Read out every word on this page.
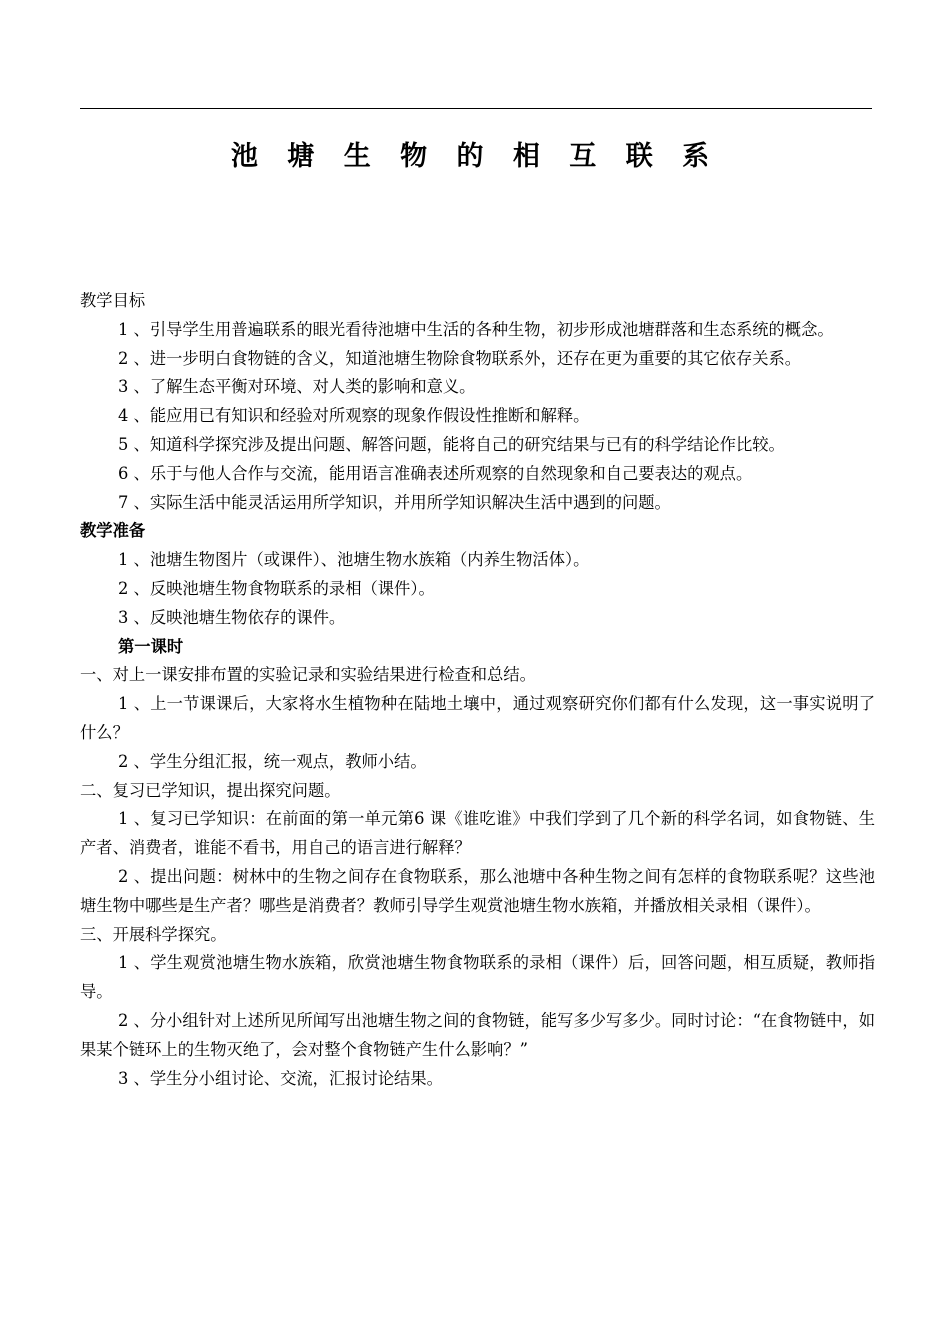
池 塘 生 物 的 相 互 联 系

教学目标

1 、引导学生用普遍联系的眼光看待池塘中生活的各种生物，初步形成池塘群落和生态系统的概念。

2 、进一步明白食物链的含义，知道池塘生物除食物联系外，还存在更为重要的其它依存关系。

3 、了解生态平衡对环境、对人类的影响和意义。

4 、能应用已有知识和经验对所观察的现象作假设性推断和解释。

5 、知道科学探究涉及提出问题、解答问题，能将自己的研究结果与已有的科学结论作比较。

6 、乐于与他人合作与交流，能用语言准确表述所观察的自然现象和自己要表达的观点。

7 、实际生活中能灵活运用所学知识，并用所学知识解决生活中遇到的问题。

教学准备

1 、池塘生物图片（或课件）、池塘生物水族箱（内养生物活体）。

2 、反映池塘生物食物联系的录相（课件）。

3 、反映池塘生物依存的课件。

第一课时

一、对上一课安排布置的实验记录和实验结果进行检查和总结。

1 、上一节课课后，大家将水生植物种在陆地土壤中，通过观察研究你们都有什么发现，这一事实说明了什么？

2 、学生分组汇报，统一观点，教师小结。

二、复习已学知识，提出探究问题。

1 、复习已学知识：在前面的第一单元第6 课《谁吃谁》中我们学到了几个新的科学名词，如食物链、生产者、消费者，谁能不看书，用自己的语言进行解释？

2 、提出问题：树林中的生物之间存在食物联系，那么池塘中各种生物之间有怎样的食物联系呢？这些池塘生物中哪些是生产者？哪些是消费者？教师引导学生观赏池塘生物水族箱，并播放相关录相（课件）。

三、开展科学探究。

1 、学生观赏池塘生物水族箱，欣赏池塘生物食物联系的录相（课件）后，回答问题，相互质疑，教师指导。

2 、分小组针对上述所见所闻写出池塘生物之间的食物链，能写多少写多少。同时讨论：“在食物链中，如果某个链环上的生物灭绝了，会对整个食物链产生什么影响？”

3 、学生分小组讨论、交流，汇报讨论结果。
